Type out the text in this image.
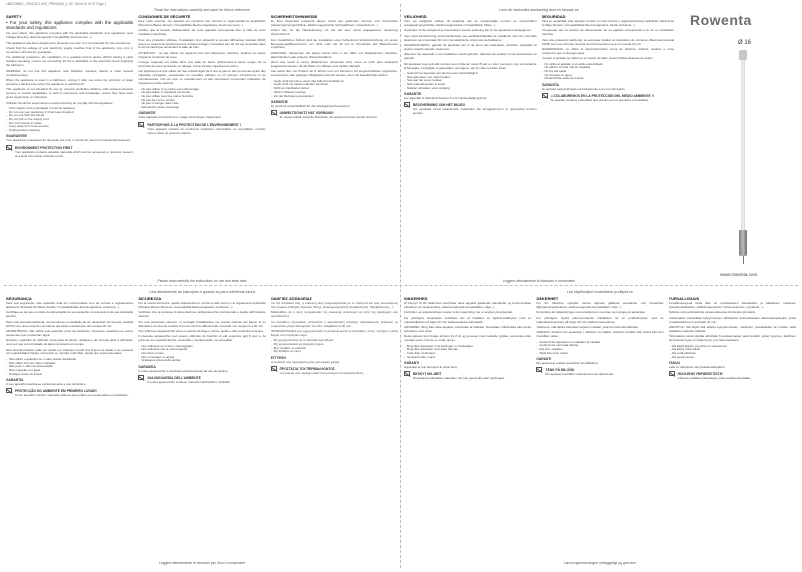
1800139891_CB31S2.4.6XE_PREMIUM_1_EE 16/04/15 15:37 Page 1
Read the instructions carefully and save for future reference
SAFETY
• For your safety, this appliance complies with the applicable standards and regulations
For your safety, this appliance complies with the applicable standards and regulations (Low Voltage Directive, Electromagnetic Compatibility, Environment...).
This appliance has been designed for domestic use only. It is not intended for commercial use.
Check that the voltage of your electricity supply matches that of the appliance. Any error in connection will void the guarantee.
For additional protection, the installation of a residual current device (RCD) having a rated residual operating current not exceeding 30 mA is advisable in the electrical circuit supplying the bathroom.
WARNING: do not use this appliance near bathtubs, showers, basins or other vessels containing water.
When the appliance is used in a bathroom, unplug it after use since the proximity of water presents a hazard even when the appliance is switched off.
This appliance is not intended for use by persons (including children) with reduced physical, sensory or mental capabilities, or lack of experience and knowledge, unless they have been given supervision or instruction.
Children should be supervised to ensure that they do not play with the appliance.
- If the supply cord is damaged it must be replaced
- Do not use your appliance if it has been dropped
- Do not use with wet hands
- Do not pull on the supply cord
- Do not immerse in water
- Keep away from heat sources
- Unplug before cleaning
GUARANTEE
Your appliance is designed for domestic use only. It cannot be used for professional purposes.
ENVIRONMENT PROTECTION FIRST
Your appliance contains valuable materials which can be recovered or recycled. Leave it at a local civic waste collection point.
CONSIGNES DE SÉCURITÉ
Pour votre sécurité, cet appareil est conforme aux normes et réglementations applicables (Directives Basse Tension, Compatibilité Électromagnétique, Environnement...).
Vérifiez que la tension d'alimentation de votre appareil corresponde bien à celle de votre installation électrique.
Pour une protection efficace, l'installation d'un dispositif à courant différentiel résiduel (DDR) ayant un courant de fonctionnement résiduel assigné n'excédant pas 30 mA est conseillée dans le circuit électrique alimentant la salle de bain.
ATTENTION : ne pas utiliser cet appareil près des baignoires, douches, lavabos ou autres récipients contenant de l'eau.
Lorsque l'appareil est utilisé dans une salle de bains, débranchez-le après usage car la proximité de l'eau représente un danger, même lorsque l'appareil est éteint.
Cet appareil peut être utilisé par des enfants âgés de 8 ans et plus et des personnes ayant des capacités physiques, sensorielles ou mentales réduites ou un manque d'expérience et de connaissances, s'ils ont reçu un encadrement ou des instructions concernant l'utilisation de l'appareil en toute sécurité.
- Ne pas utiliser si le cordon est endommagé
- Ne pas utiliser si l'appareil est tombé
- Ne pas utiliser avec les mains humides
- Ne pas tirer sur le cordon
- Ne pas immerger dans l'eau
- Débrancher avant nettoyage
GARANTIE
Votre appareil est destiné à un usage domestique uniquement.
PARTICIPONS À LA PROTECTION DE L'ENVIRONNEMENT !
Votre appareil contient de nombreux matériaux valorisables ou recyclables. Confiez celui-ci dans un point de collecte.
SICHERHEITSHINWEISE
Zu Ihrer Sicherheit entspricht dieses Gerät den geltenden Normen und Vorschriften (Niederspannungsrichtlinie, Elektromagnetische Verträglichkeit, Umweltschutz...).
Prüfen Sie, ob die Netzspannung mit der auf dem Gerät angegebenen Spannung übereinstimmt.
Zum zusätzlichen Schutz wird die Installation einer Fehlerstrom-Schutzeinrichtung mit einem Bemessungsdifferenzstrom von nicht mehr als 30 mA im Stromkreis des Badezimmers empfohlen.
WARNUNG: Verwenden Sie dieses Gerät nicht in der Nähe von Badewannen, Duschen, Waschbecken oder anderen Wasserbehältern.
Wenn das Gerät in einem Badezimmer verwendet wird, muss es nach dem Gebrauch ausgesteckt werden, da die Nähe von Wasser eine Gefahr darstellt.
Das Gerät darf von Kindern ab 8 Jahren und von Personen mit eingeschränkten physischen, sensorischen oder geistigen Fähigkeiten benutzt werden, wenn sie beaufsichtigt werden.
- Gerät nicht benutzen, wenn das Kabel beschädigt ist
- Gerät nicht mit nassen Händen benutzen
- Nicht am Netzkabel ziehen
- Nicht in Wasser tauchen
- Vor der Reinigung ausstecken
GARANTIE
Ihr Gerät ist ausschließlich für den Hausgebrauch bestimmt.
UMWELTSCHUTZ HAT VORRANG!
Ihr Gerät enthält wertvolle Rohstoffe, die wiederverwertet werden können.
Please read carefully the instructions for use and keep safe
Lees de instructies aandachtig door en bewaar ze
VEILIGHEID
Voor uw veiligheid voldoet dit apparaat aan de toepasselijke normen en voorschriften (Laagspanningsrichtlijn, Elektromagnetische Compatibiliteit, Milieu...).
Controleer of de netspanning overeenkomt met de spanning die op het apparaat is aangegeven.
Voor extra bescherming wordt aanbevolen een aardlekschakelaar te installeren met een nominale lekstroom van maximaal 30 mA in het elektrische circuit van de badkamer.
WAARSCHUWING: gebruik dit apparaat niet in de buurt van badkuipen, douches, wastafels of andere waterhoudende reservoirs.
Wanneer het apparaat in een badkamer wordt gebruikt, haal dan de stekker uit het stopcontact na gebruik.
Dit apparaat mag gebruikt worden door kinderen vanaf 8 jaar en door personen met verminderde lichamelijke, zintuiglijke of geestelijke vermogens, als zij onder toezicht staan.
- Gebruik het apparaat niet als het snoer beschadigd is
- Niet gebruiken met natte handen
- Niet aan het snoer trekken
- Niet onderdompelen in water
- Stekker uittrekken voor reiniging
GARANTIE
Uw apparaat is uitsluitend bestemd voor huishoudelijk gebruik.
BESCHERMING VAN HET MILIEU
Uw apparaat bevat waardevolle materialen die teruggewonnen of gerecycled kunnen worden.
SEGURIDAD
Para su seguridad, este aparato cumple con las normas y reglamentaciones aplicables (Directivas de Baja Tensión, Compatibilidad Electromagnética, Medio ambiente...).
Compruebe que la tensión de alimentación de su aparato corresponda a la de su instalación eléctrica.
Para una protección adicional, se aconseja instalar un dispositivo de corriente diferencial residual (DDR) con una corriente nominal de funcionamiento que no exceda 30 mA.
ADVERTENCIA: no utilice el electrodoméstico cerca de bañeras, duchas, lavabos u otros recipientes que contengan agua.
Cuando el aparato se utilice en un cuarto de baño, desenchúfelo después de usarlo.
- No utilice el aparato si el cable está dañado
- No utilizar con las manos mojadas
- No tire del cable
- No sumerja en agua
- Desenchufar antes de limpiar
GARANTÍA
Su aparato está destinado exclusivamente a un uso doméstico.
¡¡ COLABOREMOS EN LA PROTECCIÓN DEL MEDIO AMBIENTE !!
Su aparato contiene materiales que pueden ser recuperados o reciclados.
Leggere attentamente le istruzioni e conservarle
Leia atentamente as instruções e guarde-as para referência futura
SEGURANÇA
Para sua segurança, este aparelho está em conformidade com as normas e regulamentos aplicáveis (Diretivas de Baixa Tensão, Compatibilidade Eletromagnética, Ambiente...).
Certifique-se de que a tensão de alimentação do seu aparelho corresponde à da sua instalação elétrica.
Para uma proteção adicional, recomenda-se a instalação de um dispositivo de corrente residual (DCR) com uma corrente nominal de operação residual que não exceda 30 mA.
ADVERTÊNCIA: Não utilize este aparelho perto de banheiras, chuveiros, lavatórios ou outros recipientes que contenham água.
Quando o aparelho for utilizado numa casa de banho, desligue-o da corrente após a utilização, uma vez que a proximidade da água representa um perigo.
Este eletrodoméstico pode ser usado por crianças a partir dos 8 anos de idade e por pessoas com capacidades físicas, sensoriais ou mentais reduzidas, desde que supervisionadas.
- Não utilize o aparelho se o cabo estiver danificado
- Não utilize com as mãos molhadas
- Não puxe o cabo de alimentação
- Não mergulhe em água
- Desligue antes de limpar
GARANTIA
O seu aparelho destina-se exclusivamente a uso doméstico.
PROTECÇÃO DO AMBIENTE EM PRIMEIRO LUGAR!
O seu aparelho contém materiais valiosos que podem ser recuperados ou reciclados.
SICUREZZA
Per la vostra sicurezza, questo apparecchio è conforme alle norme e ai regolamenti applicabili (Direttive Bassa Tensione, Compatibilità Elettromagnetica, Ambiente...).
Verificare che la tensione di alimentazione dell'apparecchio corrisponda a quella dell'impianto elettrico.
Per una protezione ulteriore, si consiglia l'installazione nel circuito elettrico del bagno di un dispositivo di corrente residua con una corrente differenziale nominale non superiore a 30 mA.
Non utilizzare l'apparecchio vicino a vasche da bagno, docce, lavabi o altri contenitori d'acqua.
Il presente apparecchio può essere utilizzato da bambini di età superiore agli 8 anni e da persone con capacità fisiche, sensoriali o mentali ridotte, se sorvegliati.
- Non utilizzare se il cavo è danneggiato
- Non utilizzare con le mani bagnate
- Non tirare il cavo
- Non immergere in acqua
- Scollegare prima della pulizia
GARANZIA
Il vostro apparecchio è destinato esclusivamente ad uso domestico.
SALVAGUARDIA DELL'AMBIENTE
Il vostro apparecchio contiene materiali riutilizzabili o riciclabili.
ΟΔΗΓΙΕΣ ΑΣΦΑΛΕΙΑΣ
Για την ασφάλειά σας, η συσκευή αυτή συμμορφώνεται με τα πρότυπα και τους κανονισμούς που ισχύουν (Οδηγίες Χαμηλής Τάσης, Ηλεκτρομαγνητικής Συμβατότητας, Περιβάλλοντος...).
Βεβαιωθείτε ότι η τάση τροφοδοσίας της συσκευής αντιστοιχεί σε αυτή της ηλεκτρικής σας εγκατάστασης.
Για πρόσθετη προστασία, συνιστάται η εγκατάσταση διάταξης παραμένοντος ρεύματος με ονομαστικό ρεύμα λειτουργίας που δεν υπερβαίνει τα 30 mA.
ΠΡΟΕΙΔΟΠΟΙΗΣΗ: μην χρησιμοποιείτε τη συσκευή κοντά σε μπανιέρες, ντους, νιπτήρες ή άλλα δοχεία που περιέχουν νερό.
- Μη χρησιμοποιείτε αν το καλώδιο έχει φθορά
- Μη χρησιμοποιείτε με βρεγμένα χέρια
- Μην τραβάτε το καλώδιο
- Μη βυθίζετε σε νερό
ΕΓΓΥΗΣΗ
Η συσκευή σας προορίζεται μόνο για οικιακή χρήση.
ΠΡΟΣΤΑΣΙΑ ΤΟΥ ΠΕΡΙΒΑΛΛΟΝΤΟΣ
Η συσκευή σας περιέχει υλικά που μπορούν να ανακυκλωθούν.
Leggere attentamente le istruzioni per l'uso e conservarle
Lue käyttöohjeet huolellisesti ja säilytä ne
SIKKERHED
Af hensyn til din sikkerhed overholder dette apparat gældende standarder og bestemmelser (direktiver om lavspænding, elektromagnetisk kompatibilitet, miljø...).
Kontroller, at netspændingen svarer til den spænding, der er angivet på apparatet.
For yderligere beskyttelse anbefales det at installere en fejlstrømsafbryder med en mærkefejlstrøm på højst 30 mA i badeværelsets elkredsløb.
ADVARSEL: Brug ikke dette apparat i nærheden af badekar, brusebade, håndvaske eller andre beholdere med vand.
Dette apparat kan bruges af børn fra 8 år og personer med nedsatte fysiske, sensoriske eller mentale evner, hvis de er under opsyn.
- Brug ikke apparatet, hvis ledningen er beskadiget
- Brug ikke apparatet med våde hænder
- Træk ikke i ledningen
- Nedsænk ikke i vand
GARANTI
Apparatet er kun beregnet til privat brug.
BESKYT MILJØET
Dit apparat indeholder materialer, der kan genvindes eller genbruges.
SÄKERHET
För din säkerhet uppfyller denna apparat gällande standarder och föreskrifter (lågspänningsdirektivet, elektromagnetisk kompatibilitet, miljö...).
Kontrollera att nätspänningen överensstämmer med den som anges på apparaten.
För ytterligare skydd rekommenderas installation av en jordfelsbrytare med en märkutlösningsström på högst 30 mA i badrummets elkrets.
Tietämme, että lapsia valvotaan tarpeen mukaan, jotta he eivät leiki laitteella.
VARNING: Använd inte apparaten i närheten av badkar, duschar, handfat eller andra kärl som innehåller vatten.
- Använd inte apparaten om sladden är skadad
- Använd inte med våta händer
- Dra inte i sladden
- Sänk inte ned i vatten
GARANTI
Din apparat är endast avsedd för hushållsbruk.
TÄNK PÅ MILJÖN!
Din apparat innehåller material som kan återvinnas.
TURVALLISUUS
Turvallisuussyistä tämä laite on sovellettavien standardien ja säädösten mukainen (pienjännitedirektiivi, sähkömagneettinen yhteensopivuus, ympäristö...).
Tarkista, että verkkojännite vastaa laitteessa ilmoitettua jännitettä.
Lisäsuojaksi suositellaan kylpyhuoneen sähköpiiriin asennettavaksi vikavirtasuojakytkin, jonka nimellisvikavirta on enintään 30 mA.
VAROITUS: Älä käytä tätä laitetta kylpyammeiden, suihkujen, pesualtaiden tai muiden vettä sisältävien astioiden lähellä.
Tätä laitetta voivat käyttää vähintään 8-vuotiaat lapset sekä henkilöt, joiden fyysinen, aistillinen tai henkinen kyky on heikentynyt, jos heitä valvotaan.
- Älä käytä laitetta, jos johto on vaurioitunut
- Älä käytä märin käsin
- Älä vedä johdosta
- Älä upota veteen
TAKUU
Laite on tarkoitettu vain kotitalouskäyttöön.
HUOLEHDI YMPÄRISTÖSTÄ!
Laitteesi sisältää materiaaleja, jotka voidaan kierrättää.
Læs brugsanvisningen omhyggeligt og gem den
Rowenta
Ø 16
www.rowenta.com
